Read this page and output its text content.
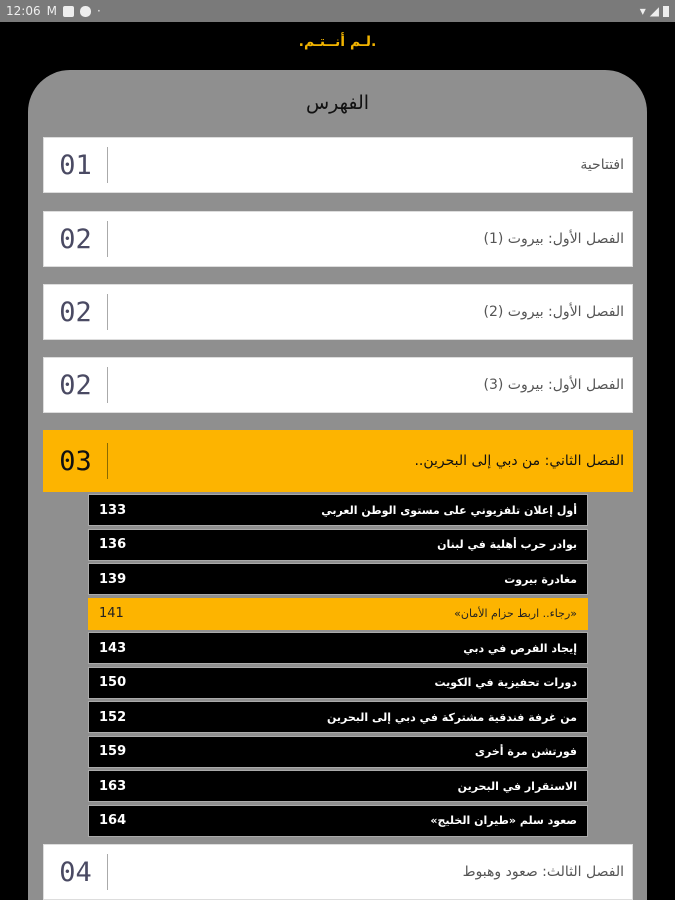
12:06 M	·	▾ ◢
.لـم أنــتـم.
الفهرس
افتتاحية
01
الفصل الأول: بيروت (1)
02
الفصل الأول: بيروت (2)
02
الفصل الأول: بيروت (3)
02
الفصل الثاني: من دبي إلى البحرين..
03
أول إعلان تلفزيوني على مستوى الوطن العربي
133
بوادر حرب أهلية في لبنان
136
مغادرة بيروت
139
«رجاء.. اربط حزام الأمان»
141
إيجاد الفرص في دبي
143
دورات تحفيزية في الكويت
150
من غرفة فندقية مشتركة في دبي إلى البحرين
152
فورتشن مرة أخرى
159
الاستقرار في البحرين
163
صعود سلم «طيران الخليج»
164
الفصل الثالث: صعود وهبوط
04
